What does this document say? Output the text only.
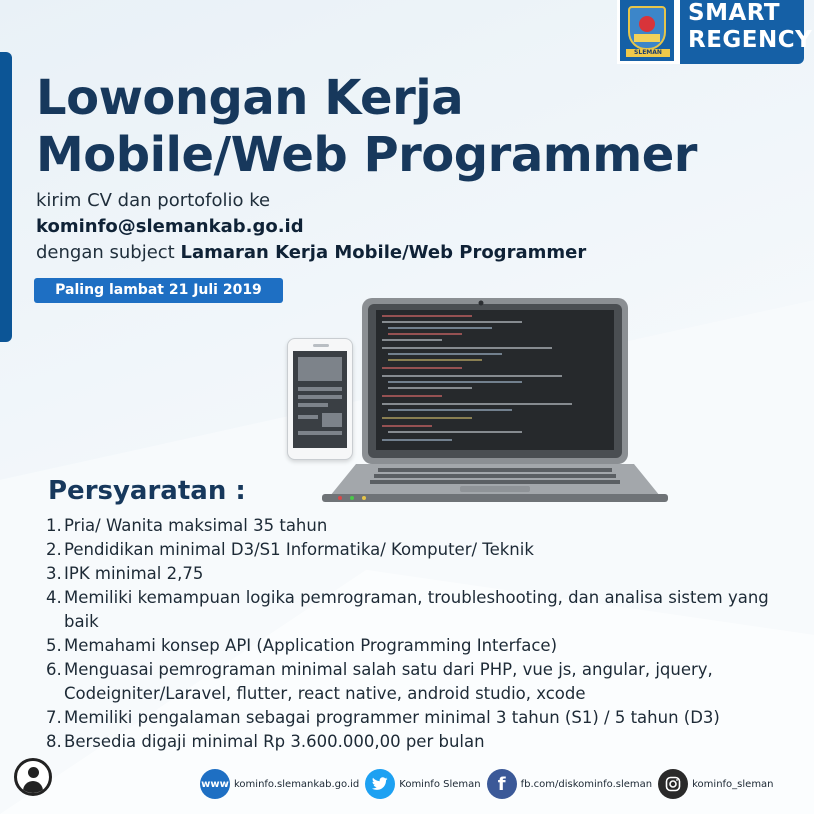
SLEMAN
SMART
REGENCY
Lowongan Kerja
Mobile/Web Programmer
kirim CV dan portofolio ke
kominfo@slemankab.go.id
dengan subject Lamaran Kerja Mobile/Web Programmer
Paling lambat 21 Juli 2019
Persyaratan :
1. Pria/ Wanita maksimal 35 tahun
2. Pendidikan minimal D3/S1 Informatika/ Komputer/ Teknik
3. IPK minimal 2,75
4. Memiliki kemampuan logika pemrograman, troubleshooting, dan analisa sistem yang baik
5. Memahami konsep API (Application Programming Interface)
6. Menguasai pemrograman minimal salah satu dari PHP, vue js, angular, jquery,
Codeigniter/Laravel, flutter, react native, android studio, xcode
7. Memiliki pengalaman sebagai programmer minimal 3 tahun (S1) / 5 tahun (D3)
8. Bersedia digaji minimal Rp 3.600.000,00 per bulan
www kominfo.slemankab.go.id	Kominfo Sleman f	fb.com/diskominfo.sleman	kominfo_sleman
